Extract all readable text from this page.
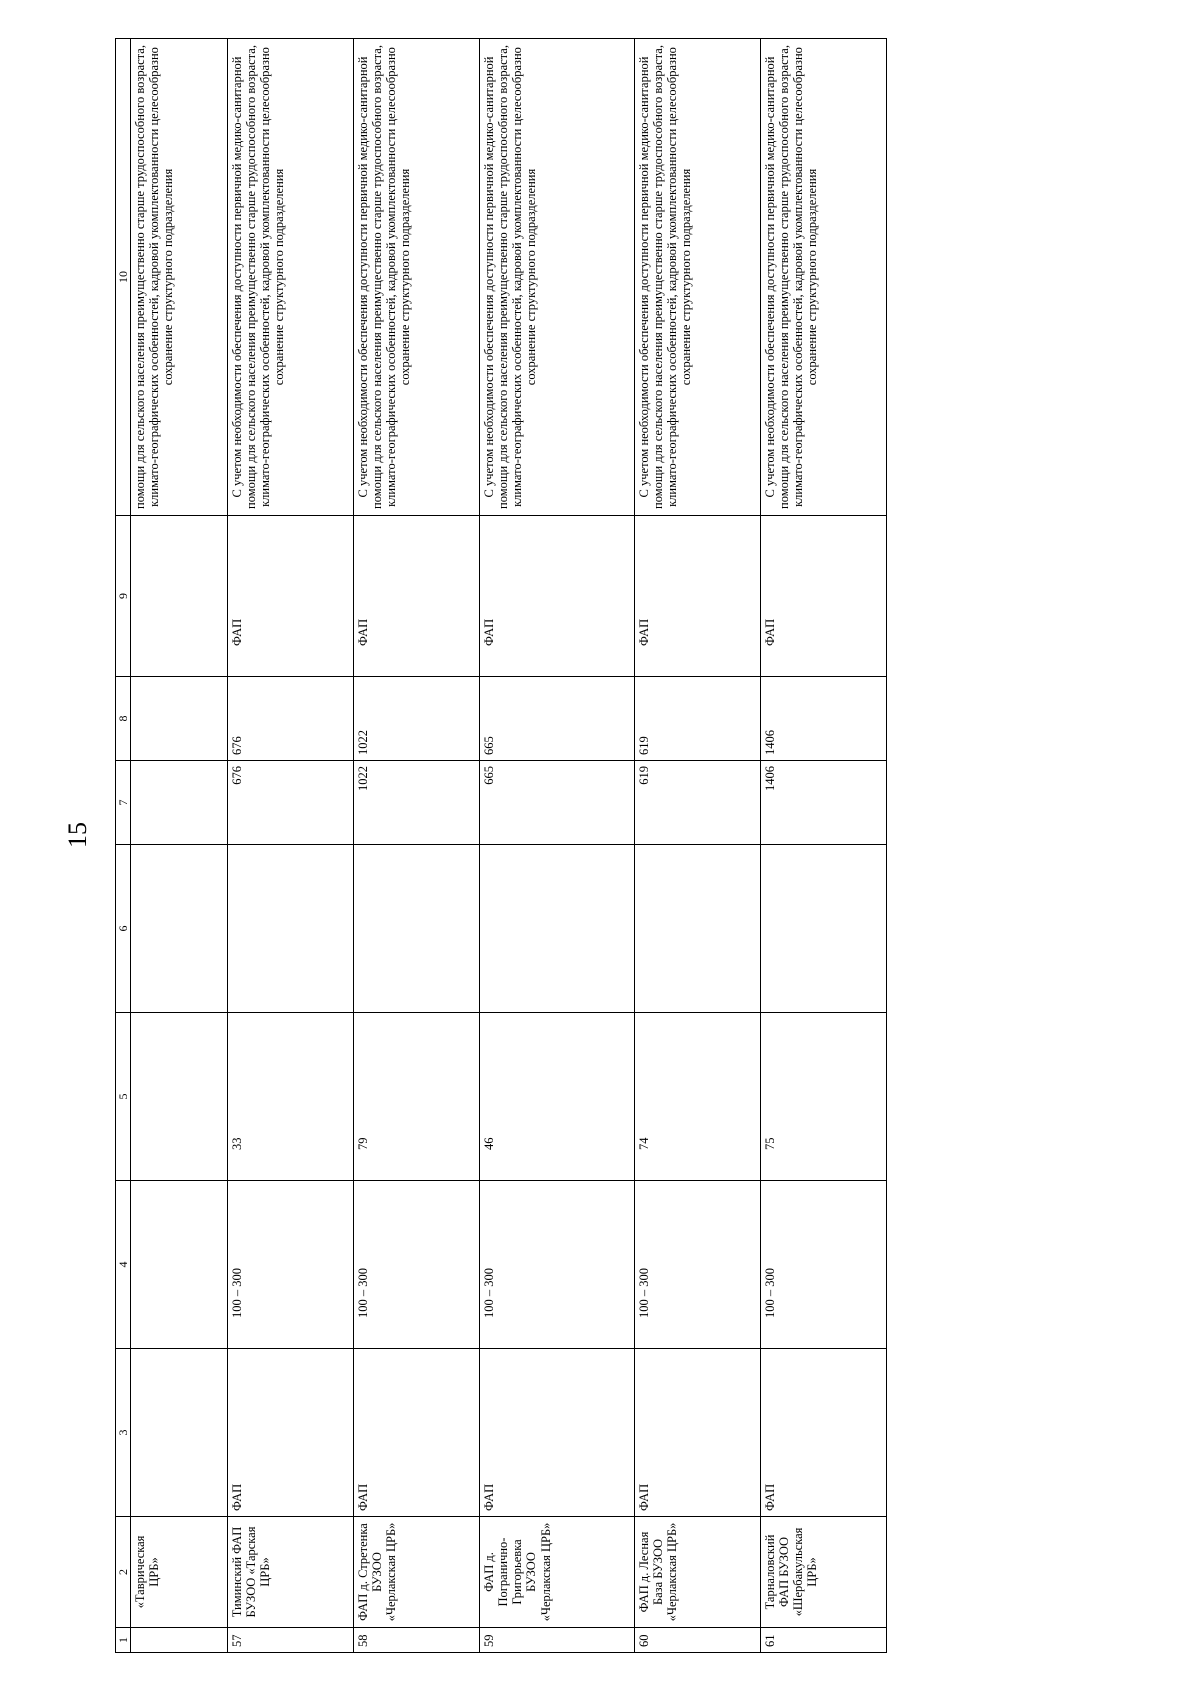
15
1	2	3	4	5	6	7	8	9	10
	«Таврическая ЦРБ»								помощи для сельского населения преимущественно старше трудоспособного возраста, климато-географических особенностей, кадровой укомплектованности целесообразно сохранение структурного подразделения
57	Тиминский ФАП БУЗОО «Тарская ЦРБ»	ФАП	100 – 300	33		676	676	ФАП	С учетом необходимости обеспечения доступности первичной медико-санитарной помощи для сельского населения преимущественно старше трудоспособного возраста, климато-географических особенностей, кадровой укомплектованности целесообразно сохранение структурного подразделения
58	ФАП д. Стретенка БУЗОО «Черлакская ЦРБ»	ФАП	100 – 300	79		1022	1022	ФАП	С учетом необходимости обеспечения доступности первичной медико-санитарной помощи для сельского населения преимущественно старше трудоспособного возраста, климато-географических особенностей, кадровой укомплектованности целесообразно сохранение структурного подразделения
59	ФАП д. Погранично-Григорьевка БУЗОО «Черлакская ЦРБ»	ФАП	100 – 300	46		665	665	ФАП	С учетом необходимости обеспечения доступности первичной медико-санитарной помощи для сельского населения преимущественно старше трудоспособного возраста, климато-географических особенностей, кадровой укомплектованности целесообразно сохранение структурного подразделения
60	ФАП д. Лесная База БУЗОО «Черлакская ЦРБ»	ФАП	100 – 300	74		619	619	ФАП	С учетом необходимости обеспечения доступности первичной медико-санитарной помощи для сельского населения преимущественно старше трудоспособного возраста, климато-географических особенностей, кадровой укомплектованности целесообразно сохранение структурного подразделения
61	Тарналовский ФАП БУЗОО «Шербакульская ЦРБ»	ФАП	100 – 300	75		1406	1406	ФАП	С учетом необходимости обеспечения доступности первичной медико-санитарной помощи для сельского населения преимущественно старше трудоспособного возраста, климато-географических особенностей, кадровой укомплектованности целесообразно сохранение структурного подразделения
